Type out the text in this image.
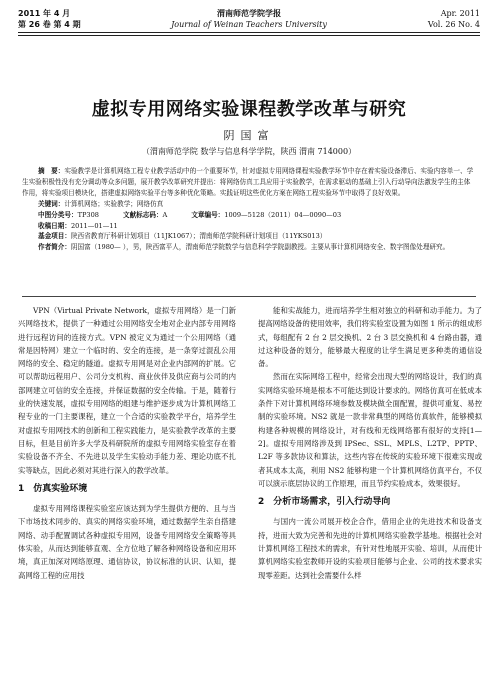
2011 年 4 月
第 26 卷 第 4 期
渭南师范学院学报
Journal of Weinan Teachers University
Apr. 2011
Vol. 26 No. 4
虚拟专用网络实验课程教学改革与研究
阴国富
（渭南师范学院 数学与信息科学学院，陕西 渭南 714000）

摘　要：实验教学是计算机网络工程专业教学活动中的一个重要环节，针对虚拟专用网络课程实验教学环节中存在着实验设备滞后、实验内容单一、学生实验积极性没有充分调动等众多问题，展开教学改革研究并提出：将网络仿真工具应用于实验教学，在需求驱动的基础上引入行动导向法激发学生的主体作用，将实验项目模块化，搭建虚拟网络实验平台等多种优化策略。实践证明这些优化方案在网络工程实验环节中取得了良好效果。

关键词：计算机网络；实验教学；网络仿真

中图分类号：TP308	文献标志码：A	文章编号：1009—5128（2011）04—0090—03

收稿日期：2011—01—11

基金项目：陕西省教育厅科研计划项目（11JK1067）；渭南师范学院科研计划项目（11YKS013）

作者简介：阴国富（1980— ），男，陕西富平人，渭南师范学院数学与信息科学学院副教授。主要从事计算机网络安全、数字图像处理研究。

VPN（Virtual Private Network，虚拟专用网络）是一门新兴网络技术，提供了一种通过公用网络安全地对企业内部专用网络进行远程访问的连接方式。VPN 被定义为通过一个公用网络（通常是因特网）建立一个临时的、安全的连接，是一条穿过混乱公用网络的安全、稳定的隧道。虚拟专用网是对企业内部网的扩展。它可以帮助远程用户、公司分支机构、商业伙伴及供应商与公司的内部网建立可信的安全连接，并保证数据的安全传输。于是，随着行业的快速发展，虚拟专用网络的组建与维护逐步成为计算机网络工程专业的一门主要课程，建立一个合适的实验教学平台，培养学生对虚拟专用网技术的创新和工程实践能力，是实验教学改革的主要目标，但是目前许多大学及科研院所的虚拟专用网络实验室存在着实验设备不齐全、不先进以及学生实验动手能力差、理论功底不扎实等缺点，因此必须对其进行深入的教学改革。

1　仿真实验环境

虚拟专用网络课程实验室应该达到为学生提供方便的、且与当下市场技术同步的、真实的网络实验环境，通过数据学生亲自搭建网络、动手配置调试各种虚拟专用网，设备专用网络安全策略等具体实验，从而达到能够直观、全方位地了解各种网络设备和应用环境，真正加深对网络原理、通信协议，协议标准的认识、认知，提高网络工程的应用技

能和实战能力，进而培养学生相对独立的科研和动手能力。为了提高网络设备的使用效率，我们将实验室设置为如图 1 所示的组成形式，每组配有 2 台 2 层交换机、2 台 3 层交换机和 4 台路由器，通过这种设备的划分，能够最大程度的让学生满足更多种类的通信设备。

然而在实际网络工程中，经常会出现大型的网络设计，我们的真实网络实验环境是根本不可能达到设计要求的。网络仿真可在低成本条件下对计算机网络环境参数及模块做全面配置，提供可重复、易控制的实验环境。NS2 就是一款非常典型的网络仿真软件，能够模拟构建各种规模的网络设计，对有线和无线网络都有很好的支持[1—2]。虚拟专用网络涉及到 IPSec、SSL、MPLS、L2TP、PPTP、L2F 等多款协议和算法，这些内容在传统的实验环境下很难实现或者其成本太高，利用 NS2 能够构建一个计算机网络仿真平台，不仅可以演示底层协议的工作原理，而且节约实验成本，效果很好。

2　分析市场需求，引入行动导向

与国内一流公司展开校企合作，借用企业的先进技术和设备支持，进而大致为完善和先进的计算机网络实验教学基地。根据社会对计算机网络工程技术的需求，有针对性地展开实验、培训，从而使计算机网络实验室教师开设的实验项目能够与企业、公司的技术要求实现零差距。达到社会需要什么样
